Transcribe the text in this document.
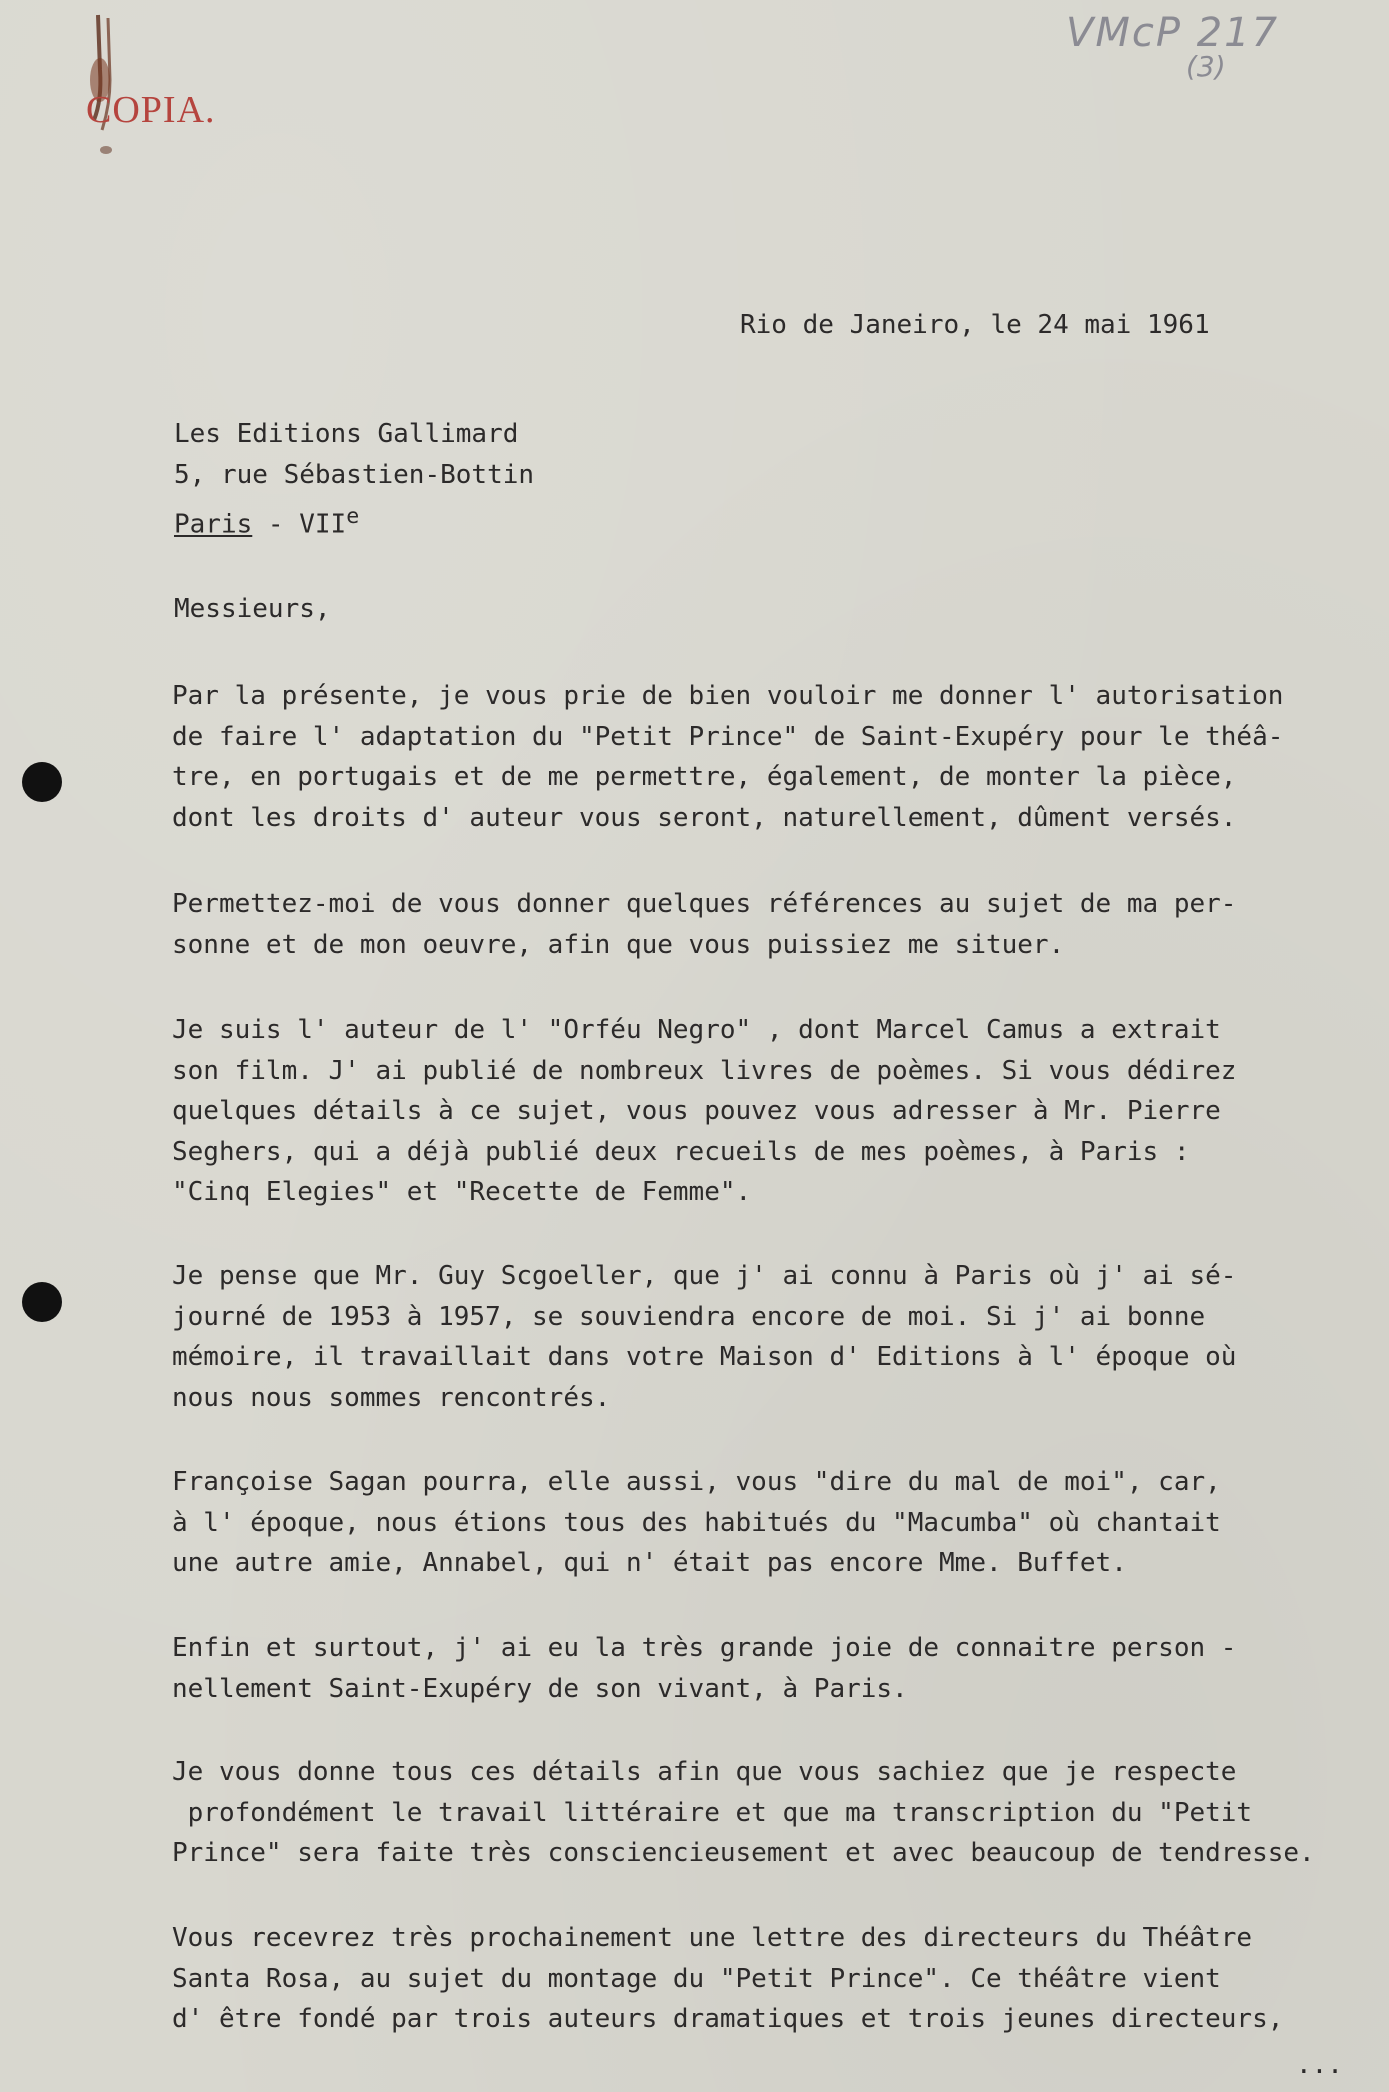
COPIA.
VMcP 217
(3)
Rio de Janeiro, le 24 mai 1961
Les Editions Gallimard
5, rue Sébastien-Bottin
Paris - VIIe
Messieurs,
Par la présente, je vous prie de bien vouloir me donner l' autorisation
de faire l' adaptation du "Petit Prince" de Saint-Exupéry pour le théâ-
tre, en portugais et de me permettre, également, de monter la pièce,
dont les droits d' auteur vous seront, naturellement, dûment versés.
Permettez-moi de vous donner quelques références au sujet de ma per-
sonne et de mon oeuvre, afin que vous puissiez me situer.
Je suis l' auteur de l' "Orféu Negro" , dont Marcel Camus a extrait
son film. J' ai publié de nombreux livres de poèmes. Si vous dédirez
quelques détails à ce sujet, vous pouvez vous adresser à Mr. Pierre
Seghers, qui a déjà publié deux recueils de mes poèmes, à Paris :
"Cinq Elegies" et "Recette de Femme".
Je pense que Mr. Guy Scgoeller, que j' ai connu à Paris où j' ai sé-
journé de 1953 à 1957, se souviendra encore de moi. Si j' ai bonne
mémoire, il travaillait dans votre Maison d' Editions à l' époque où
nous nous sommes rencontrés.
Françoise Sagan pourra, elle aussi, vous "dire du mal de moi", car,
à l' époque, nous étions tous des habitués du "Macumba" où chantait
une autre amie, Annabel, qui n' était pas encore Mme. Buffet.
Enfin et surtout, j' ai eu la très grande joie de connaitre person -
nellement Saint-Exupéry de son vivant, à Paris.
Je vous donne tous ces détails afin que vous sachiez que je respecte
profondément le travail littéraire et que ma transcription du "Petit
Prince" sera faite très consciencieusement et avec beaucoup de tendresse.
Vous recevrez très prochainement une lettre des directeurs du Théâtre
Santa Rosa, au sujet du montage du "Petit Prince". Ce théâtre vient
d' être fondé par trois auteurs dramatiques et trois jeunes directeurs,
...
